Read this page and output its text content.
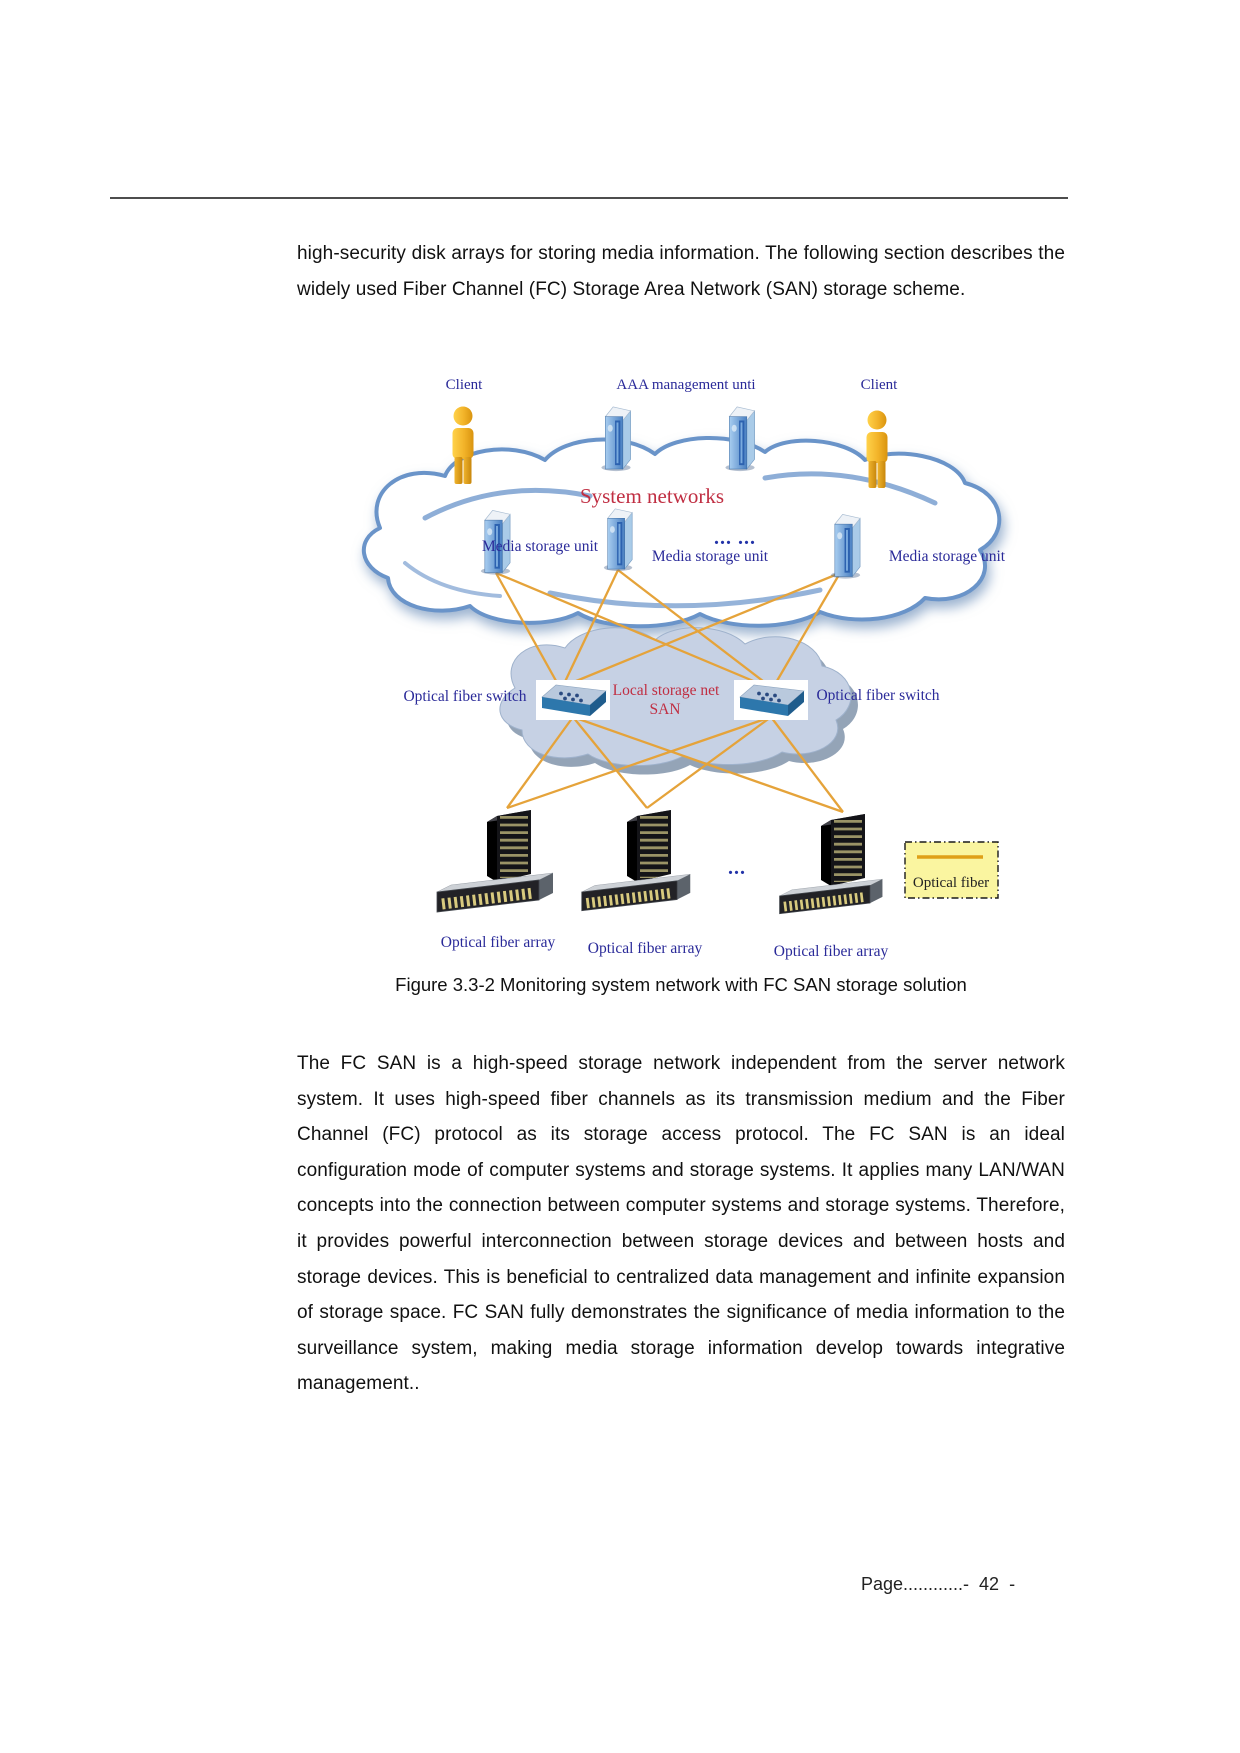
high-security disk arrays for storing media information. The following section describes the widely used Fiber Channel (FC) Storage Area Network (SAN) storage scheme.
Optical fiber
Client	AAA management unti	Client
System networks
Media storage unit
Media storage unit	Media storage unit
... ...
Optical fiber switch	Optical fiber switch
Local storage net
SAN
...
Optical fiber array Optical fiber array	Optical fiber array
Figure 3.3-2 Monitoring system network with FC SAN storage solution
The FC SAN is a high-speed storage network independent from the server network system. It uses high-speed fiber channels as its transmission medium and the Fiber Channel (FC) protocol as its storage access protocol. The FC SAN is an ideal configuration mode of computer systems and storage systems. It applies many LAN/WAN concepts into the connection between computer systems and storage systems. Therefore, it provides powerful interconnection between storage devices and between hosts and storage devices. This is beneficial to centralized data management and infinite expansion of storage space. FC SAN fully demonstrates the significance of media information to the surveillance system, making media storage information develop towards integrative management..
Page............-  42  -
